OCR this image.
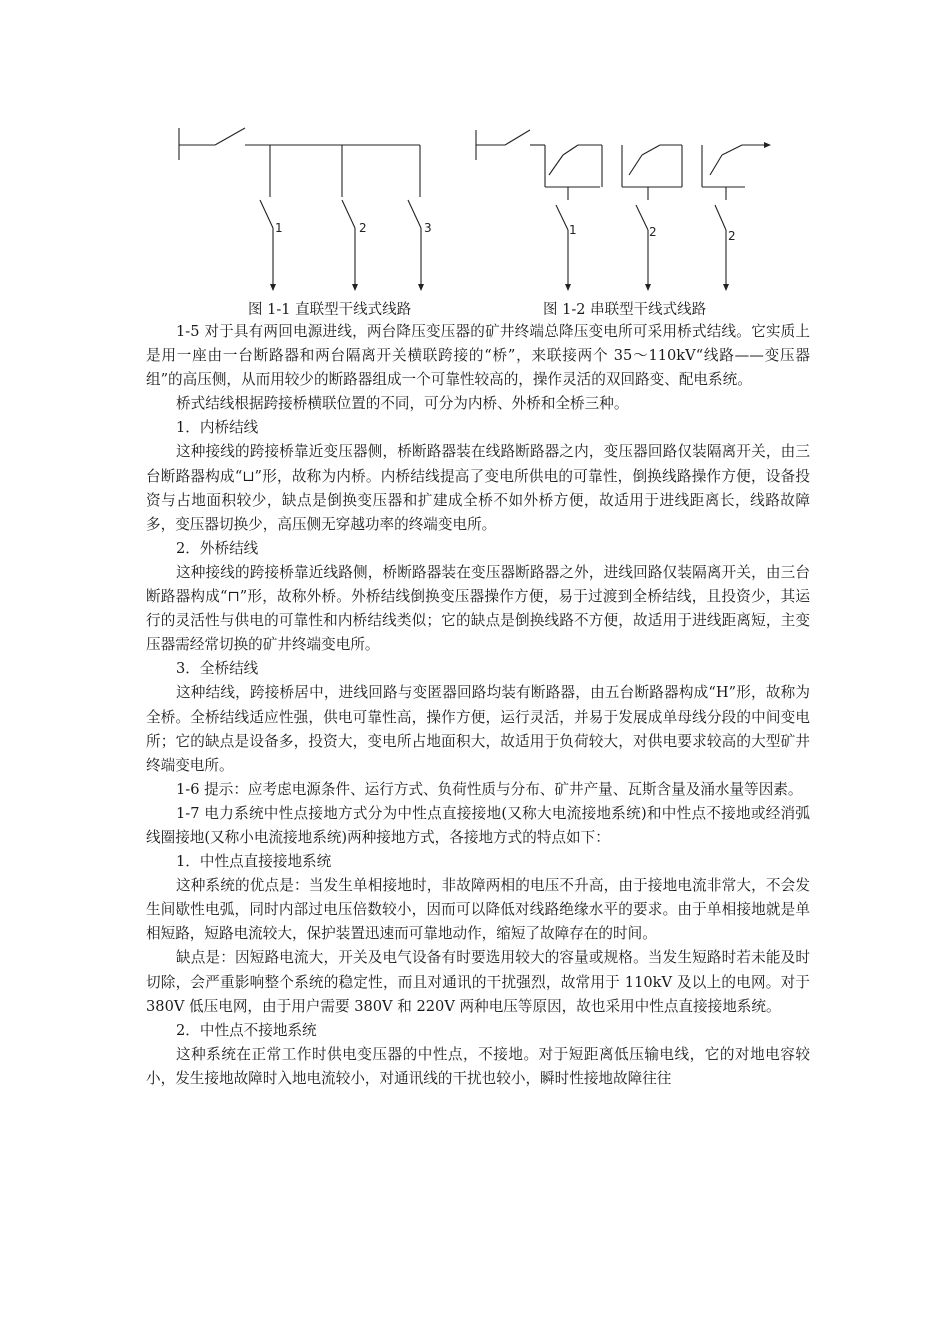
1	2	3	1	2	2
图 1-1 直联型干线式线路	图 1-2 串联型干线式线路

1-5 对于具有两回电源进线，两台降压变压器的矿井终端总降压变电所可采用桥式结线。它实质上是用一座由一台断路器和两台隔离开关横联跨接的“桥”，来联接两个 35～110kV“线路——变压器组”的高压侧，从而用较少的断路器组成一个可靠性较高的，操作灵活的双回路变、配电系统。

桥式结线根据跨接桥横联位置的不同，可分为内桥、外桥和全桥三种。

1．内桥结线

这种接线的跨接桥靠近变压器侧，桥断路器装在线路断路器之内，变压器回路仅装隔离开关，由三台断路器构成“⊔”形，故称为内桥。内桥结线提高了变电所供电的可靠性，倒换线路操作方便，设备投资与占地面积较少，缺点是倒换变压器和扩建成全桥不如外桥方便，故适用于进线距离长，线路故障多，变压器切换少，高压侧无穿越功率的终端变电所。

2．外桥结线

这种接线的跨接桥靠近线路侧，桥断路器装在变压器断路器之外，进线回路仅装隔离开关，由三台断路器构成“⊓”形，故称外桥。外桥结线倒换变压器操作方便，易于过渡到全桥结线，且投资少，其运行的灵活性与供电的可靠性和内桥结线类似；它的缺点是倒换线路不方便，故适用于进线距离短，主变压器需经常切换的矿井终端变电所。

3．全桥结线

这种结线，跨接桥居中，进线回路与变匿器回路均装有断路器，由五台断路器构成“H”形，故称为全桥。全桥结线适应性强，供电可靠性高，操作方便，运行灵活，并易于发展成单母线分段的中间变电所；它的缺点是设备多，投资大，变电所占地面积大，故适用于负荷较大，对供电要求较高的大型矿井终端变电所。

1-6 提示：应考虑电源条件、运行方式、负荷性质与分布、矿井产量、瓦斯含量及涌水量等因素。

1-7 电力系统中性点接地方式分为中性点直接接地(又称大电流接地系统)和中性点不接地或经消弧线圈接地(又称小电流接地系统)两种接地方式，各接地方式的特点如下：

1．中性点直接接地系统

这种系统的优点是：当发生单相接地时，非故障两相的电压不升高，由于接地电流非常大，不会发生间歇性电弧，同时内部过电压倍数较小，因而可以降低对线路绝缘水平的要求。由于单相接地就是单相短路，短路电流较大，保护装置迅速而可靠地动作，缩短了故障存在的时间。

缺点是：因短路电流大，开关及电气设备有时要选用较大的容量或规格。当发生短路时若未能及时切除，会严重影响整个系统的稳定性，而且对通讯的干扰强烈，故常用于 110kV 及以上的电网。对于 380V 低压电网，由于用户需要 380V 和 220V 两种电压等原因，故也采用中性点直接接地系统。

2．中性点不接地系统

这种系统在正常工作时供电变压器的中性点，不接地。对于短距离低压输电线，它的对地电容较小，发生接地故障时入地电流较小，对通讯线的干扰也较小，瞬时性接地故障往往
